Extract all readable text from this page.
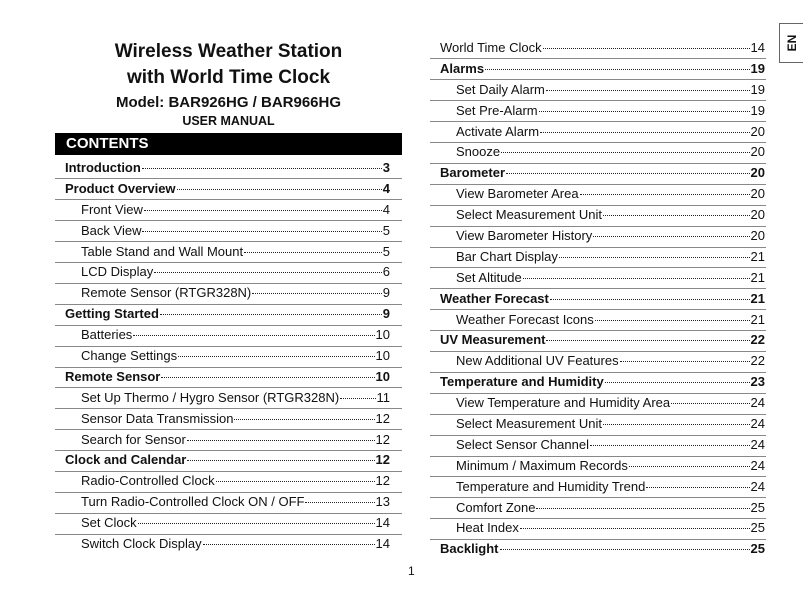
Wireless Weather Station
with World Time Clock
Model: BAR926HG / BAR966HG
USER MANUAL
CONTENTS
Introduction	3
Product Overview	4
Front View	4
Back View	5
Table Stand and Wall Mount	5
LCD Display	6
Remote Sensor (RTGR328N)	9
Getting Started	9
Batteries	10
Change Settings	10
Remote Sensor	10
Set Up Thermo / Hygro Sensor (RTGR328N)	11
Sensor Data Transmission	12
Search for Sensor	12
Clock and Calendar	12
Radio-Controlled Clock	12
Turn Radio-Controlled Clock ON / OFF	13
Set Clock	14
Switch Clock Display	14
World Time Clock	14
Alarms	19
Set Daily Alarm	19
Set Pre-Alarm	19
Activate Alarm	20
Snooze	20
Barometer	20
View Barometer Area	20
Select Measurement Unit	20
View Barometer History	20
Bar Chart Display	21
Set Altitude	21
Weather Forecast	21
Weather Forecast Icons	21
UV Measurement	22
New Additional UV Features	22
Temperature and Humidity	23
View Temperature and Humidity Area	24
Select Measurement Unit	24
Select Sensor Channel	24
Minimum / Maximum Records	24
Temperature and Humidity Trend	24
Comfort Zone	25
Heat Index	25
Backlight	25
EN
1
